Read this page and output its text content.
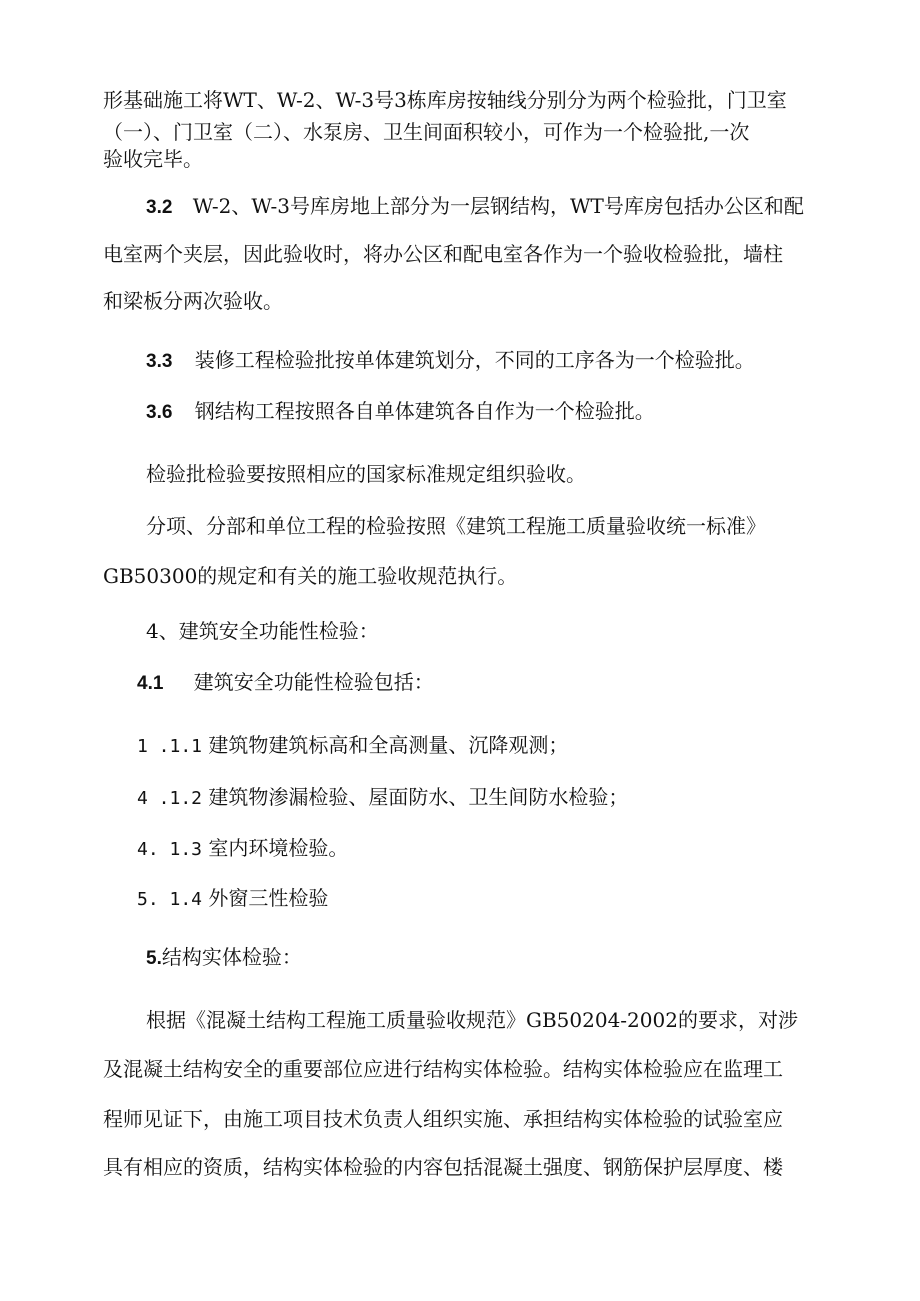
形基础施工将WT、W-2、W-3号3栋库房按轴线分别分为两个检验批，门卫室
（一）、门卫室（二）、水泵房、卫生间面积较小，可作为一个检验批,一次
验收完毕。
3.2 W-2、W-3号库房地上部分为一层钢结构，WT号库房包括办公区和配
电室两个夹层，因此验收时，将办公区和配电室各作为一个验收检验批，墙柱
和梁板分两次验收。
3.3 装修工程检验批按单体建筑划分，不同的工序各为一个检验批。
3.6 钢结构工程按照各自单体建筑各自作为一个检验批。
检验批检验要按照相应的国家标准规定组织验收。
分项、分部和单位工程的检验按照《建筑工程施工质量验收统一标准》
GB50300的规定和有关的施工验收规范执行。
4、建筑安全功能性检验：
4.1 建筑安全功能性检验包括：
1 .1.1 建筑物建筑标高和全高测量、沉降观测；
4 .1.2 建筑物渗漏检验、屋面防水、卫生间防水检验；
4. 1.3 室内环境检验。
5. 1.4 外窗三性检验
5.结构实体检验：
根据《混凝土结构工程施工质量验收规范》GB50204-2002的要求，对涉
及混凝土结构安全的重要部位应进行结构实体检验。结构实体检验应在监理工
程师见证下，由施工项目技术负责人组织实施、承担结构实体检验的试验室应
具有相应的资质，结构实体检验的内容包括混凝土强度、钢筋保护层厚度、楼
